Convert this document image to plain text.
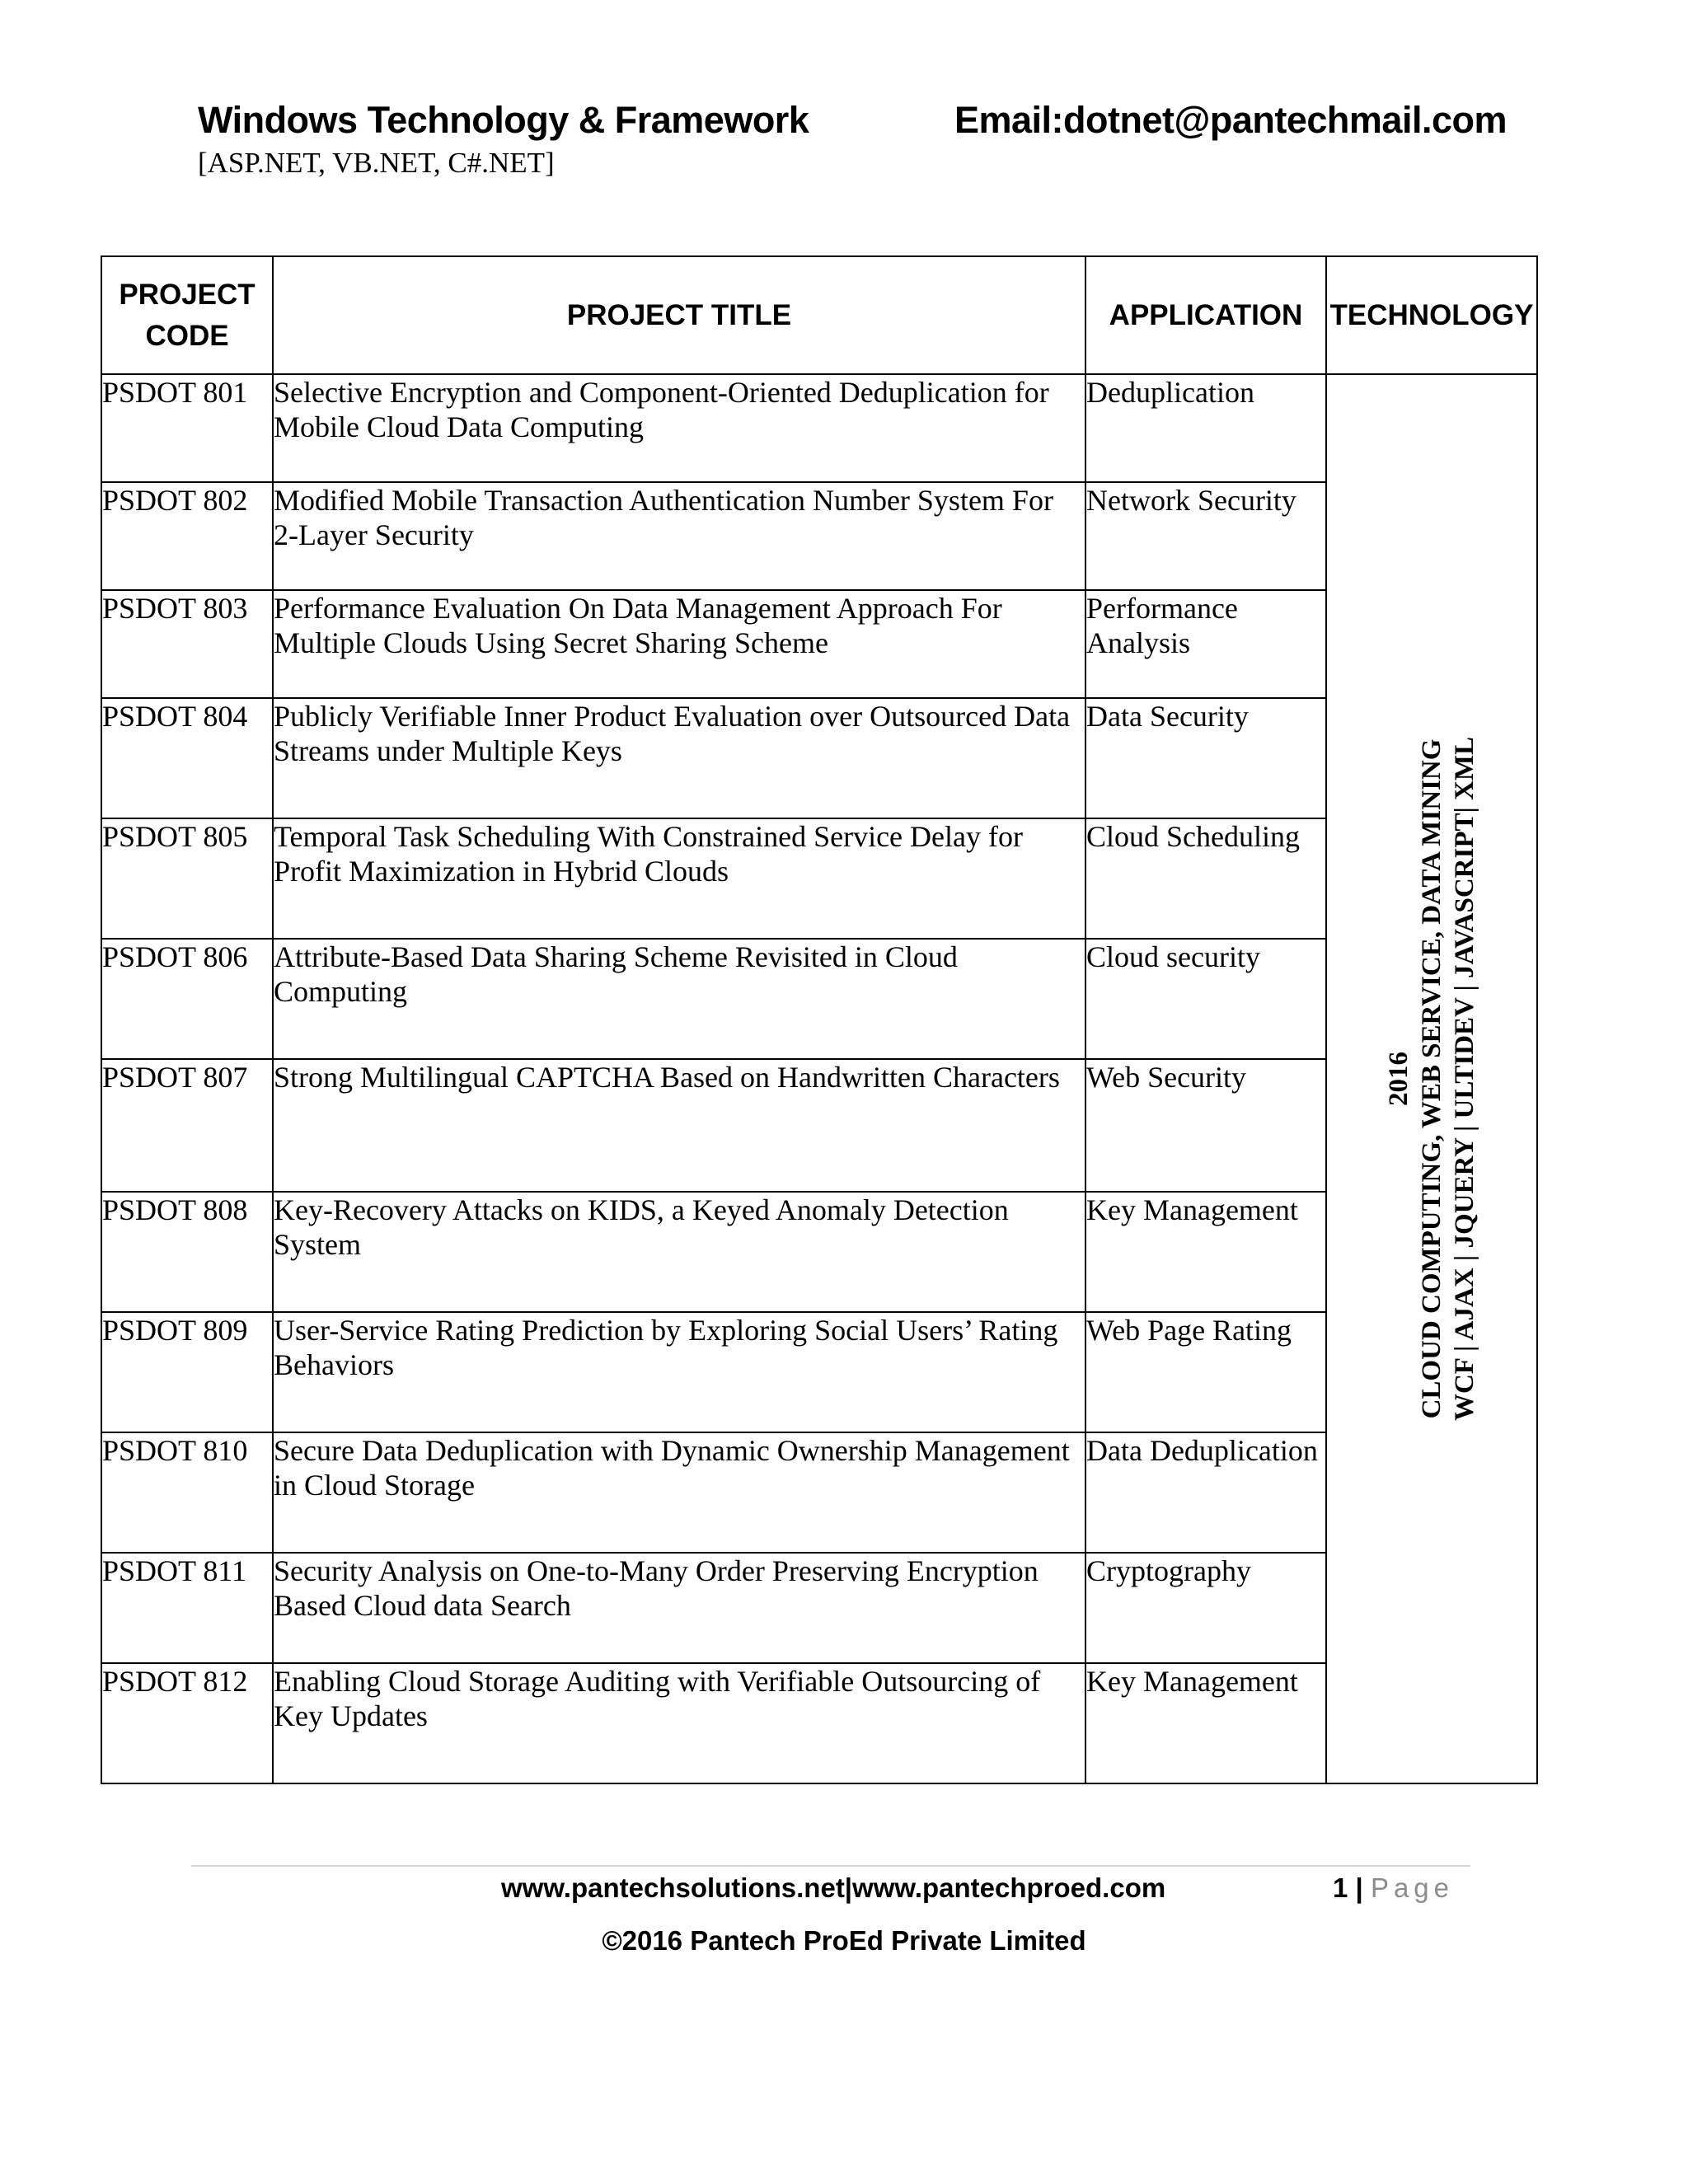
Windows Technology & Framework
[ASP.NET, VB.NET, C#.NET]
Email:dotnet@pantechmail.com
PROJECT
CODE	PROJECT TITLE	APPLICATION	TECHNOLOGY
PSDOT 801	Selective Encryption and Component-Oriented Deduplication for Mobile Cloud Data Computing	Deduplication	2016 CLOUD COMPUTING, WEB SERVICE, DATA MINING WCF | AJAX | JQUERY | ULTIDEV | JAVASCRIPT| XML

PSDOT 802	Modified Mobile Transaction Authentication Number System For 2-Layer Security	Network Security	
PSDOT 803	Performance Evaluation On Data Management Approach For Multiple Clouds Using Secret Sharing Scheme	Performance Analysis	
PSDOT 804	Publicly Verifiable Inner Product Evaluation over Outsourced Data Streams under Multiple Keys	Data Security	
PSDOT 805	Temporal Task Scheduling With Constrained Service Delay for Profit Maximization in Hybrid Clouds	Cloud Scheduling	
PSDOT 806	Attribute-Based Data Sharing Scheme Revisited in Cloud Computing	Cloud security	
PSDOT 807	Strong Multilingual CAPTCHA Based on Handwritten Characters	Web Security	
PSDOT 808	Key-Recovery Attacks on KIDS, a Keyed Anomaly Detection System	Key Management	
PSDOT 809	User-Service Rating Prediction by Exploring Social Users’ Rating Behaviors	Web Page Rating	
PSDOT 810	Secure Data Deduplication with Dynamic Ownership Management in Cloud Storage	Data Deduplication	
PSDOT 811	Security Analysis on One-to-Many Order Preserving Encryption Based Cloud data Search	Cryptography	
PSDOT 812	Enabling Cloud Storage Auditing with Verifiable Outsourcing of Key Updates	Key Management	
www.pantechsolutions.net|www.pantechproed.com	1 | Page
©2016 Pantech ProEd Private Limited
